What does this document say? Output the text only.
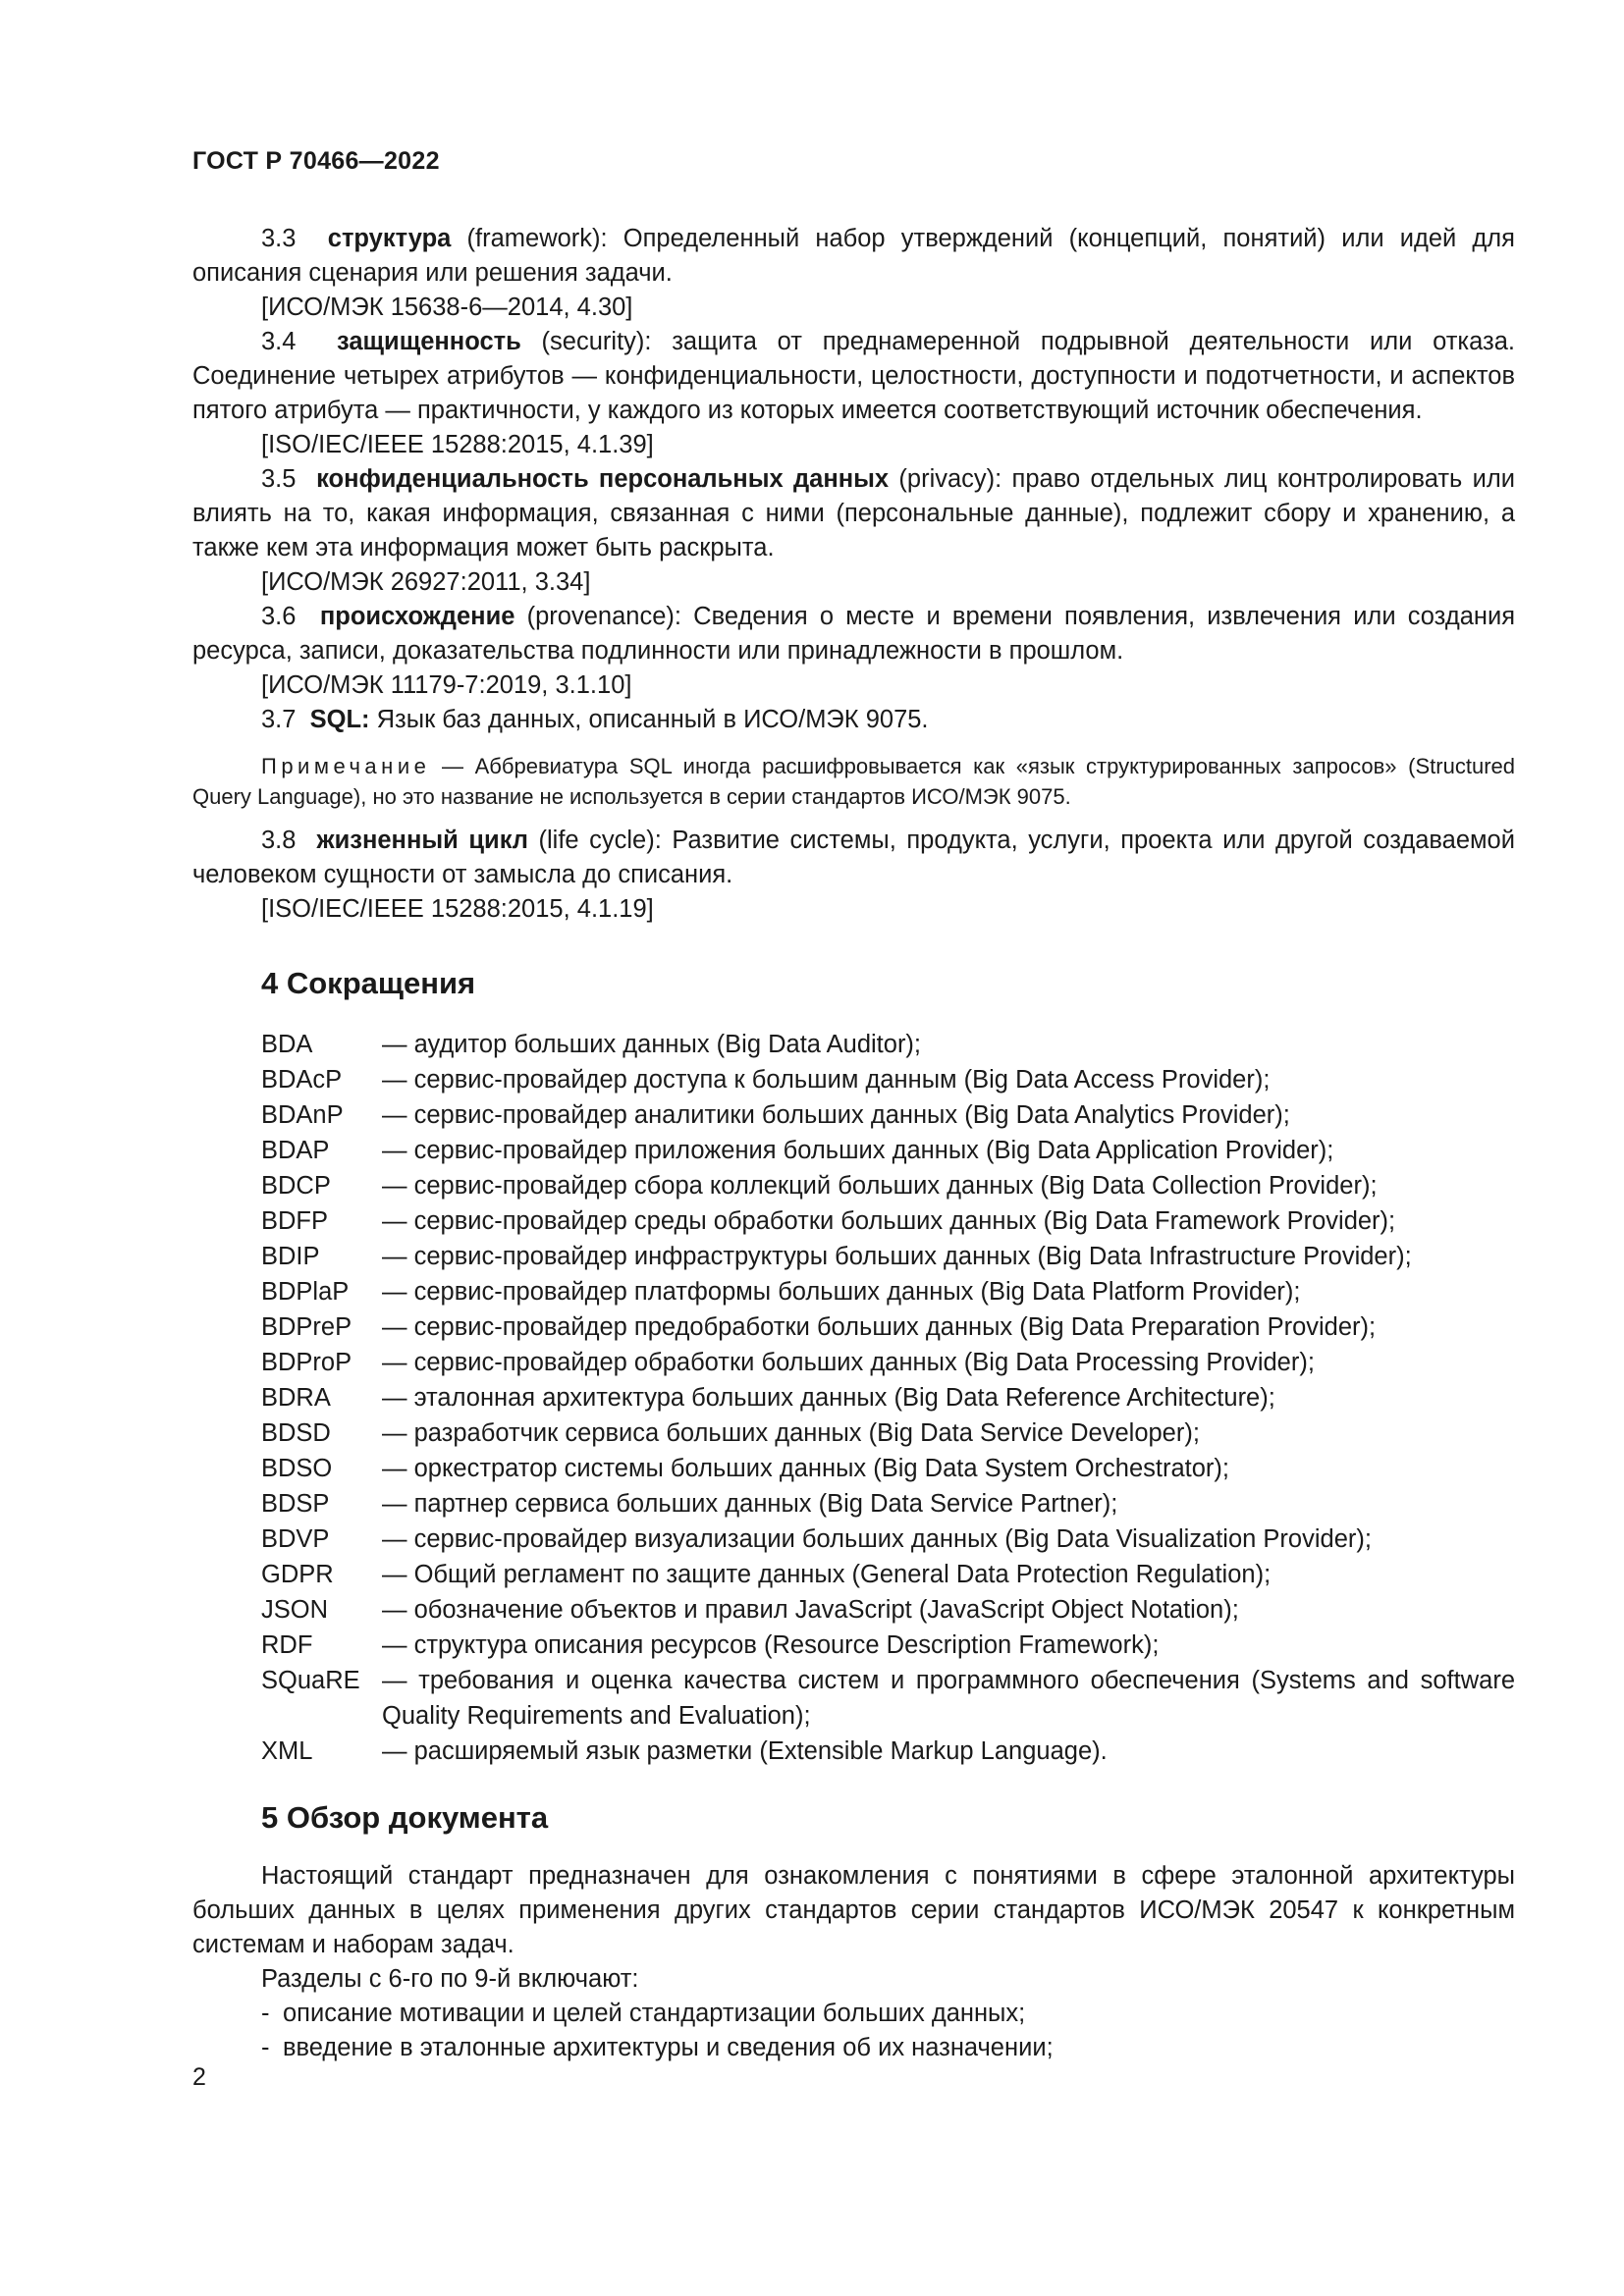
ГОСТ Р 70466—2022

3.3 структура (framework): Определенный набор утверждений (концепций, понятий) или идей для описания сценария или решения задачи.

[ИСО/МЭК 15638-6—2014, 4.30]

3.4 защищенность (security): защита от преднамеренной подрывной деятельности или отказа. Соединение четырех атрибутов — конфиденциальности, целостности, доступности и подотчетности, и аспектов пятого атрибута — практичности, у каждого из которых имеется соответствующий источник обеспечения.

[ISO/IEC/IEEE 15288:2015, 4.1.39]

3.5 конфиденциальность персональных данных (privacy): право отдельных лиц контролировать или влиять на то, какая информация, связанная с ними (персональные данные), подлежит сбору и хранению, а также кем эта информация может быть раскрыта.

[ИСО/МЭК 26927:2011, 3.34]

3.6 происхождение (provenance): Сведения о месте и времени появления, извлечения или создания ресурса, записи, доказательства подлинности или принадлежности в прошлом.

[ИСО/МЭК 11179-7:2019, 3.1.10]

3.7 SQL: Язык баз данных, описанный в ИСО/МЭК 9075.

Примечание — Аббревиатура SQL иногда расшифровывается как «язык структурированных запросов» (Structured Query Language), но это название не используется в серии стандартов ИСО/МЭК 9075.

3.8 жизненный цикл (life cycle): Развитие системы, продукта, услуги, проекта или другой создаваемой человеком сущности от замысла до списания.

[ISO/IEC/IEEE 15288:2015, 4.1.19]

4 Сокращения
BDA	— аудитор больших данных (Big Data Auditor);
BDAcP	— сервис-провайдер доступа к большим данным (Big Data Access Provider);
BDAnP	— сервис-провайдер аналитики больших данных (Big Data Analytics Provider);
BDAP	— сервис-провайдер приложения больших данных (Big Data Application Provider);
BDCP	— сервис-провайдер сбора коллекций больших данных (Big Data Collection Provider);
BDFP	— сервис-провайдер среды обработки больших данных (Big Data Framework Provider);
BDIP	— сервис-провайдер инфраструктуры больших данных (Big Data Infrastructure Provider);
BDPlaP	— сервис-провайдер платформы больших данных (Big Data Platform Provider);
BDPreP	— сервис-провайдер предобработки больших данных (Big Data Preparation Provider);
BDProP	— сервис-провайдер обработки больших данных (Big Data Processing Provider);
BDRA	— эталонная архитектура больших данных (Big Data Reference Architecture);
BDSD	— разработчик сервиса больших данных (Big Data Service Developer);
BDSO	— оркестратор системы больших данных (Big Data System Orchestrator);
BDSP	— партнер сервиса больших данных (Big Data Service Partner);
BDVP	— сервис-провайдер визуализации больших данных (Big Data Visualization Provider);
GDPR	— Общий регламент по защите данных (General Data Protection Regulation);
JSON	— обозначение объектов и правил JavaScript (JavaScript Object Notation);
RDF	— структура описания ресурсов (Resource Description Framework);
SQuaRE — требования и оценка качества систем и программного обеспечения (Systems and software Quality Requirements and Evaluation);
XML	— расширяемый язык разметки (Extensible Markup Language).
5 Обзор документа

Настоящий стандарт предназначен для ознакомления с понятиями в сфере эталонной архитектуры больших данных в целях применения других стандартов серии стандартов ИСО/МЭК 20547 к конкретным системам и наборам задач.

Разделы с 6-го по 9-й включают:

- описание мотивации и целей стандартизации больших данных;
- введение в эталонные архитектуры и сведения об их назначении;
2
